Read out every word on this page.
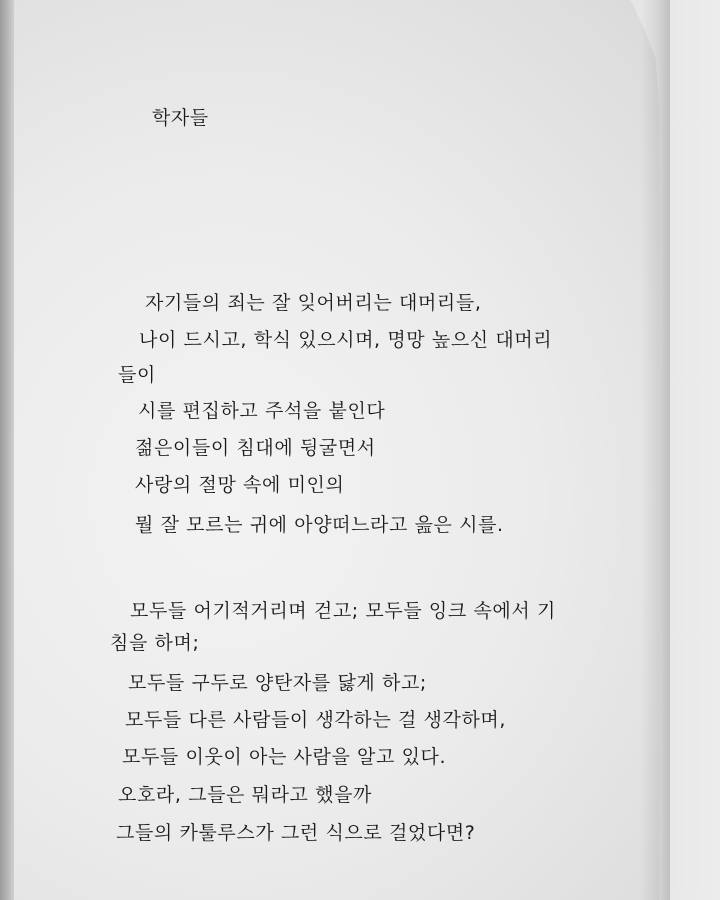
학자들
자기들의 죄는 잘 잊어버리는 대머리들,
나이 드시고, 학식 있으시며, 명망 높으신 대머리
들이
시를 편집하고 주석을 붙인다
젊은이들이 침대에 뒹굴면서
사랑의 절망 속에 미인의
뭘 잘 모르는 귀에 아양떠느라고 읊은 시를.
모두들 어기적거리며 걷고; 모두들 잉크 속에서 기
침을 하며;
모두들 구두로 양탄자를 닳게 하고;
모두들 다른 사람들이 생각하는 걸 생각하며,
모두들 이웃이 아는 사람을 알고 있다.
오호라, 그들은 뭐라고 했을까
그들의 카툴루스가 그런 식으로 걸었다면?
